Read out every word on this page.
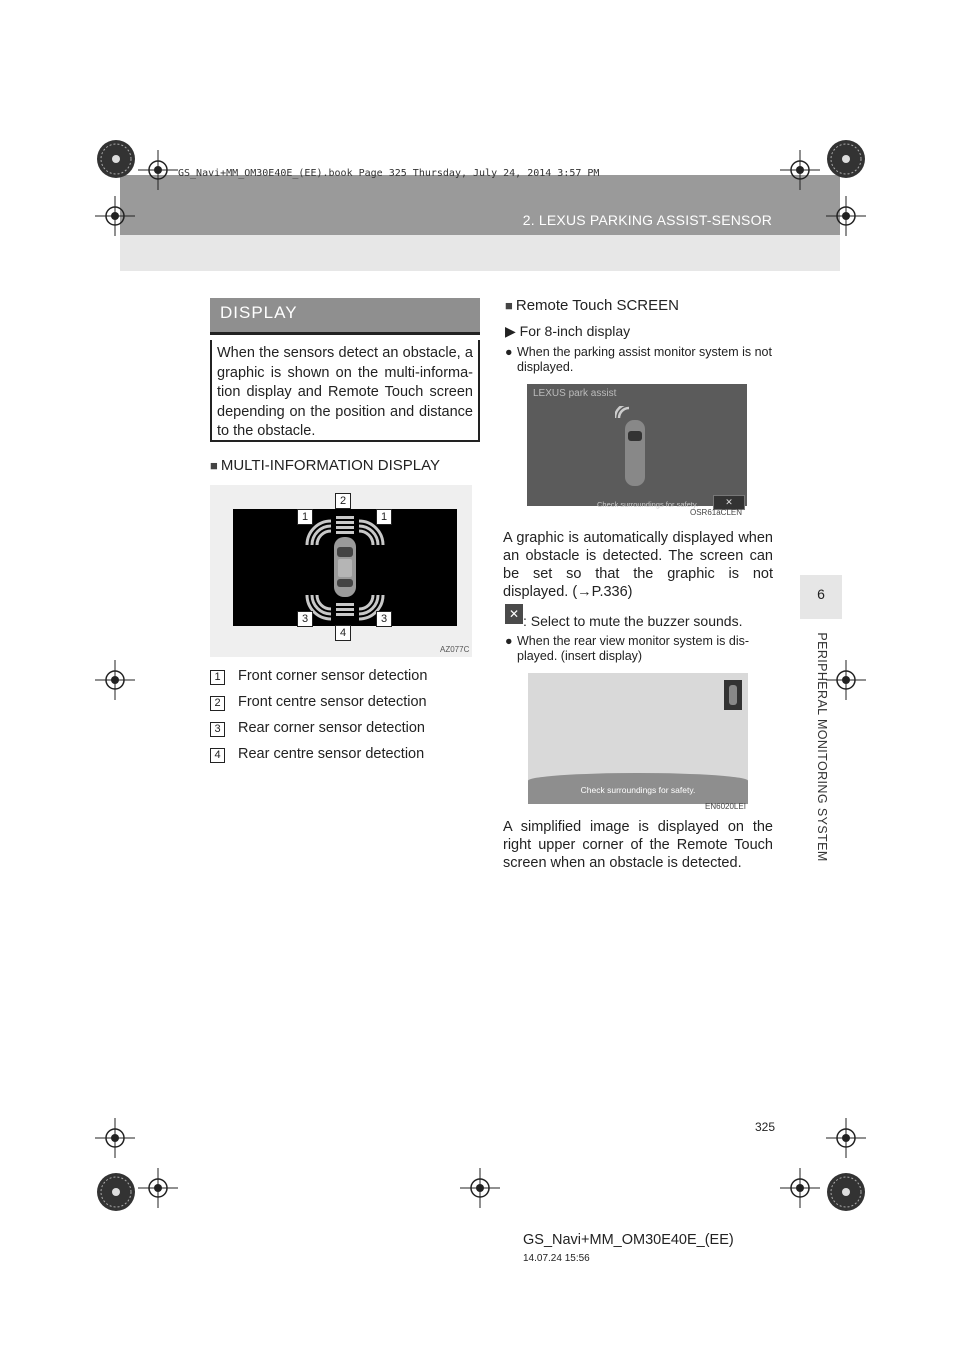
GS_Navi+MM_OM30E40E_(EE).book Page 325 Thursday, July 24, 2014 3:57 PM
2. LEXUS PARKING ASSIST-SENSOR
6
PERIPHERAL MONITORING SYSTEM
DISPLAY

When the sensors detect an obstacle, a graphic is shown on the multi-informa-tion display and Remote Touch screen depending on the position and distance to the obstacle.

■ MULTI-INFORMATION DISPLAY
2
1	1
3	3
4
AZ077C
1	Front corner sensor detection
2	Front centre sensor detection
3	Rear corner sensor detection
4	Rear centre sensor detection
■ Remote Touch SCREEN
▶ For 8-inch display
● When the parking assist monitor system is not displayed.
LEXUS park assist
Check surroundings for safety.	✕
OSR61aCLEN
A graphic is automatically displayed when an obstacle is detected. The screen can be set so that the graphic is not displayed. (→P.336)
✕ : Select to mute the buzzer sounds.
● When the rear view monitor system is dis-played. (insert display)
Check surroundings for safety.
EN6020LEI
A simplified image is displayed on the right upper corner of the Remote Touch screen when an obstacle is detected.
325
GS_Navi+MM_OM30E40E_(EE)
14.07.24 15:56
